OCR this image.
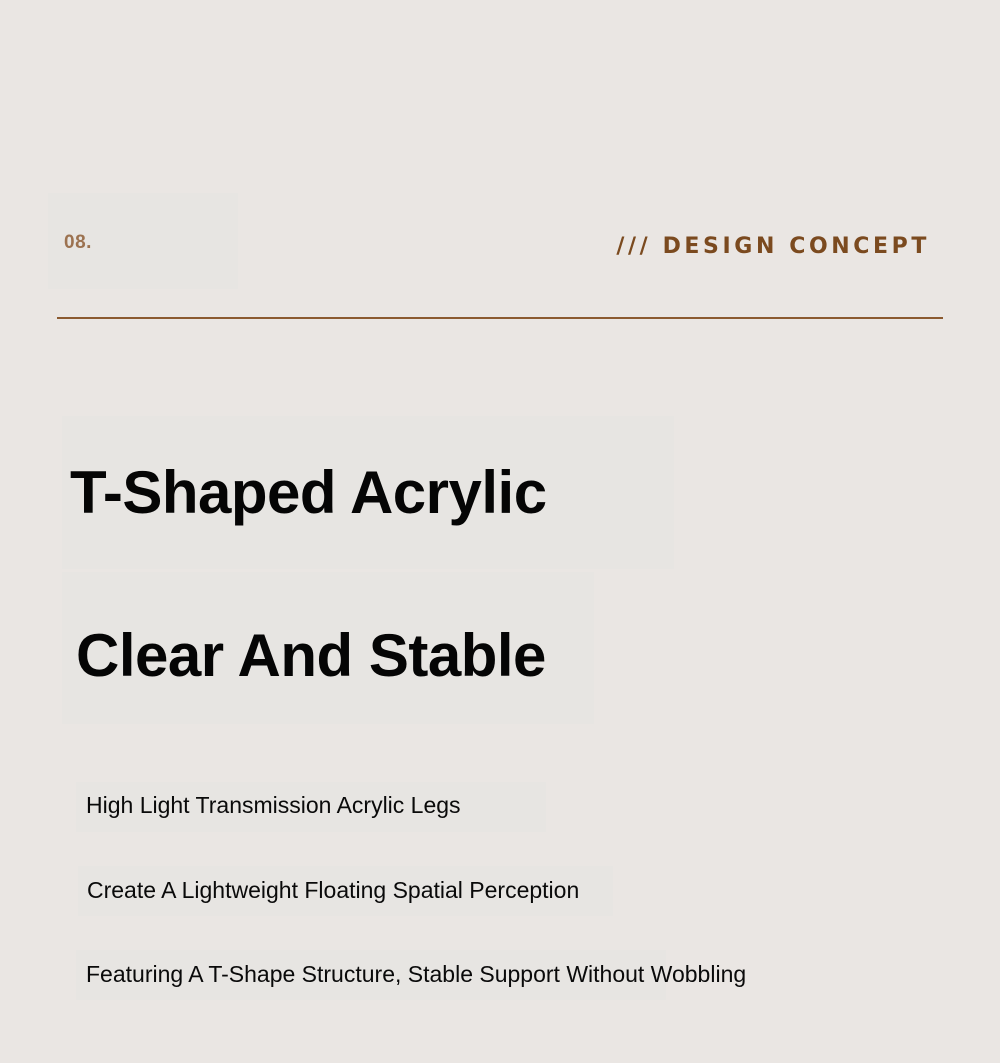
08.	/// DESIGN CONCEPT
T-Shaped Acrylic
Clear And Stable

High Light Transmission Acrylic Legs

Create A Lightweight Floating Spatial Perception

Featuring A T-Shape Structure, Stable Support Without Wobbling
